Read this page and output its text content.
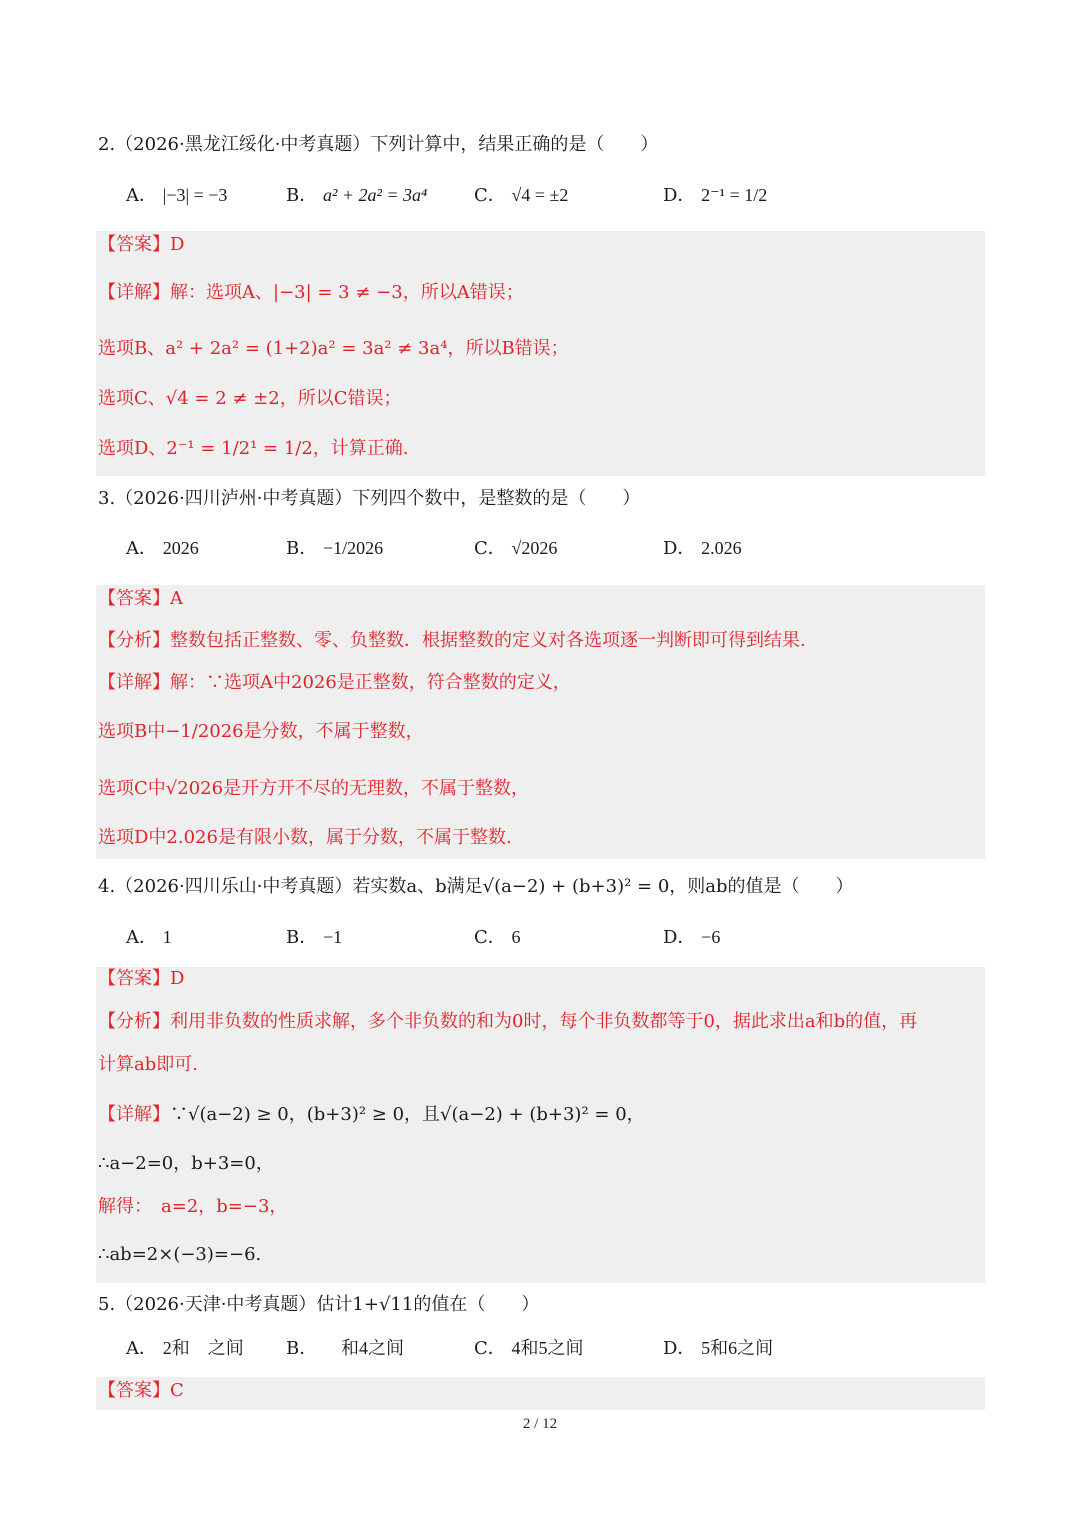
2.（2026·黑龙江绥化·中考真题）下列计算中，结果正确的是（　　）
A． |−3| = −3	B． a² + 2a² = 3a⁴	C． √4 = ±2	D． 2⁻¹ = 1/2
【答案】D
【详解】解：选项A、|−3| = 3 ≠ −3，所以A错误；
选项B、a² + 2a² = (1+2)a² = 3a² ≠ 3a⁴，所以B错误；
选项C、√4 = 2 ≠ ±2，所以C错误；
选项D、2⁻¹ = 1/2¹ = 1/2，计算正确.
3.（2026·四川泸州·中考真题）下列四个数中，是整数的是（　　）
A． 2026	B． −1/2026	C． √2026	D． 2.026
【答案】A
【分析】整数包括正整数、零、负整数．根据整数的定义对各选项逐一判断即可得到结果.
【详解】解：∵选项A中2026是正整数，符合整数的定义，
选项B中−1/2026是分数，不属于整数，
选项C中√2026是开方开不尽的无理数，不属于整数，
选项D中2.026是有限小数，属于分数，不属于整数.
4.（2026·四川乐山·中考真题）若实数a、b满足√(a−2) + (b+3)² = 0，则ab的值是（　　）
A． 1	B． −1	C． 6	D． −6
【答案】D
【分析】利用非负数的性质求解，多个非负数的和为0时，每个非负数都等于0，据此求出a和b的值，再
计算ab即可.
【详解】∵√(a−2) ≥ 0，(b+3)² ≥ 0，且√(a−2) + (b+3)² = 0，
∴a−2=0，b+3=0，
解得：　a=2，b=−3，
∴ab=2×(−3)=−6.
5.（2026·天津·中考真题）估计1+√11的值在（　　）
A． 2和　之间 B． 　和4之间	C． 4和5之间	D． 5和6之间
【答案】C
2 / 12
